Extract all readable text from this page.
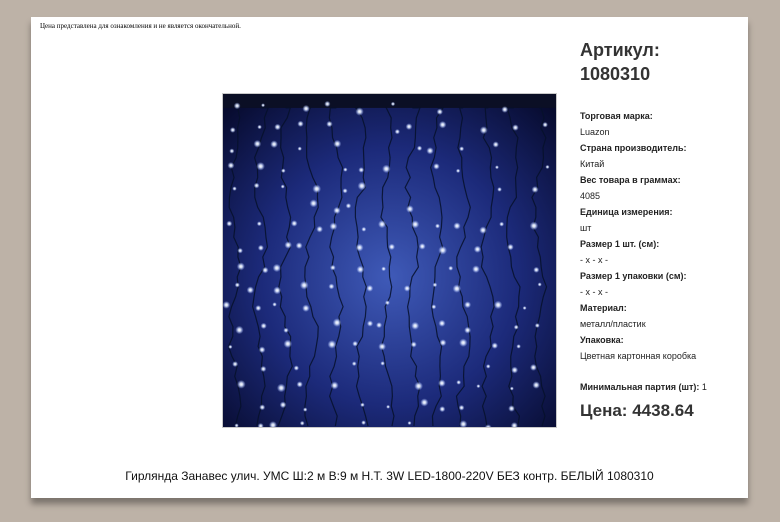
Цена представлена для ознакомления и не является окончательной.
Артикул:
1080310
Торговая марка:
Luazon
Страна производитель:
Китай
Вес товара в граммах:
4085
Единица измерения:
шт
Размер 1 шт. (см):
- x - x -
Размер 1 упаковки (см):
- x - x -
Материал:
металл/пластик
Упаковка:
Цветная картонная коробка
Минимальная партия (шт): 1
Цена: 4438.64
Гирлянда Занавес улич. УМС Ш:2 м В:9 м Н.Т. 3W LED-1800-220V БЕЗ контр. БЕЛЫЙ 1080310
